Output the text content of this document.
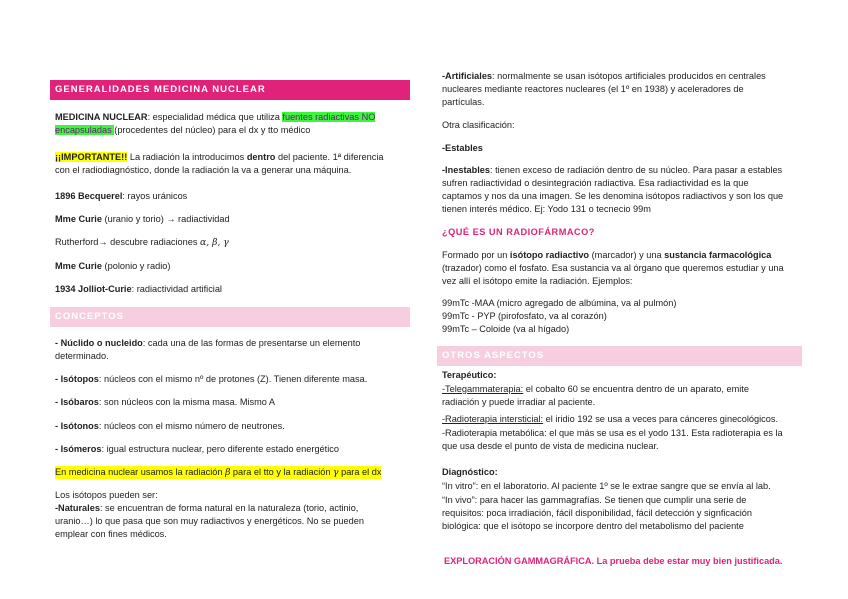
GENERALIDADES MEDICINA NUCLEAR

MEDICINA NUCLEAR: especialidad médica que utiliza fuentes radiactivas NO encapsuladas (procedentes del núcleo) para el dx y tto médico

¡¡IMPORTANTE!! La radiación la introducimos dentro del paciente. 1ª diferencia con el radiodiagnóstico, donde la radiación la va a generar una máquina.

1896 Becquerel: rayos uránicos

Mme Curie (uranio y torio) → radiactividad

Rutherford→ descubre radiaciones α, β, γ

Mme Curie (polonio y radio)

1934 Jolliot-Curie: radiactividad artificial

CONCEPTOS

- Núclido o nucleido: cada una de las formas de presentarse un elemento determinado.

- Isótopos: núcleos con el mismo nº de protones (Z). Tienen diferente masa.

- Isóbaros: son núcleos con la misma masa. Mismo A

- Isótonos: núcleos con el mismo número de neutrones.

- Isómeros: igual estructura nuclear, pero diferente estado energético

En medicina nuclear usamos la radiación β para el tto y la radiación γ para el dx

Los isótopos pueden ser:

-Naturales: se encuentran de forma natural en la naturaleza (torio, actinio, uranio…) lo que pasa que son muy radiactivos y energéticos. No se pueden emplear con fines médicos.

-Artificiales: normalmente se usan isótopos artificiales producidos en centrales nucleares mediante reactores nucleares (el 1º en 1938) y aceleradores de partículas.

Otra clasificación:

-Estables

-Inestables: tienen exceso de radiación dentro de su núcleo. Para pasar a estables sufren radiactividad o desintegración radiactiva. Esa radiactividad es la que captamos y nos da una imagen. Se les denomina isótopos radiactivos y son los que tienen interés médico. Ej: Yodo 131 o tecnecio 99m

¿QUÉ ES UN RADIOFÁRMACO?

Formado por un isótopo radiactivo (marcador) y una sustancia farmacológica (trazador) como el fosfato. Esa sustancia va al órgano que queremos estudiar y una vez allí el isótopo emite la radiación. Ejemplos:

99mTc -MAA (micro agregado de albúmina, va al pulmón)

99mTc - PYP (pirofosfato, va al corazón)

99mTc – Coloide (va al hígado)

OTROS ASPECTOS

Terapéutico:

-Telegammaterapia: el cobalto 60 se encuentra dentro de un aparato, emite radiación y puede irradiar al paciente.

-Radioterapia intersticial: el iridio 192 se usa a veces para cánceres ginecológicos.

-Radioterapia metabólica: el que más se usa es el yodo 131. Esta radioterapia es la que usa desde el punto de vista de medicina nuclear.

Diagnóstico:

“In vitro”: en el laboratorio. Al paciente 1º se le extrae sangre que se envía al lab.

“In vivo”: para hacer las gammagrafías. Se tienen que cumplir una serie de requisitos: poca irradiación, fácil disponibilidad, fácil detección y signficación biológica: que el isótopo se incorpore dentro del metabolismo del paciente

EXPLORACIÓN GAMMAGRÁFICA. La prueba debe estar muy bien justificada.
